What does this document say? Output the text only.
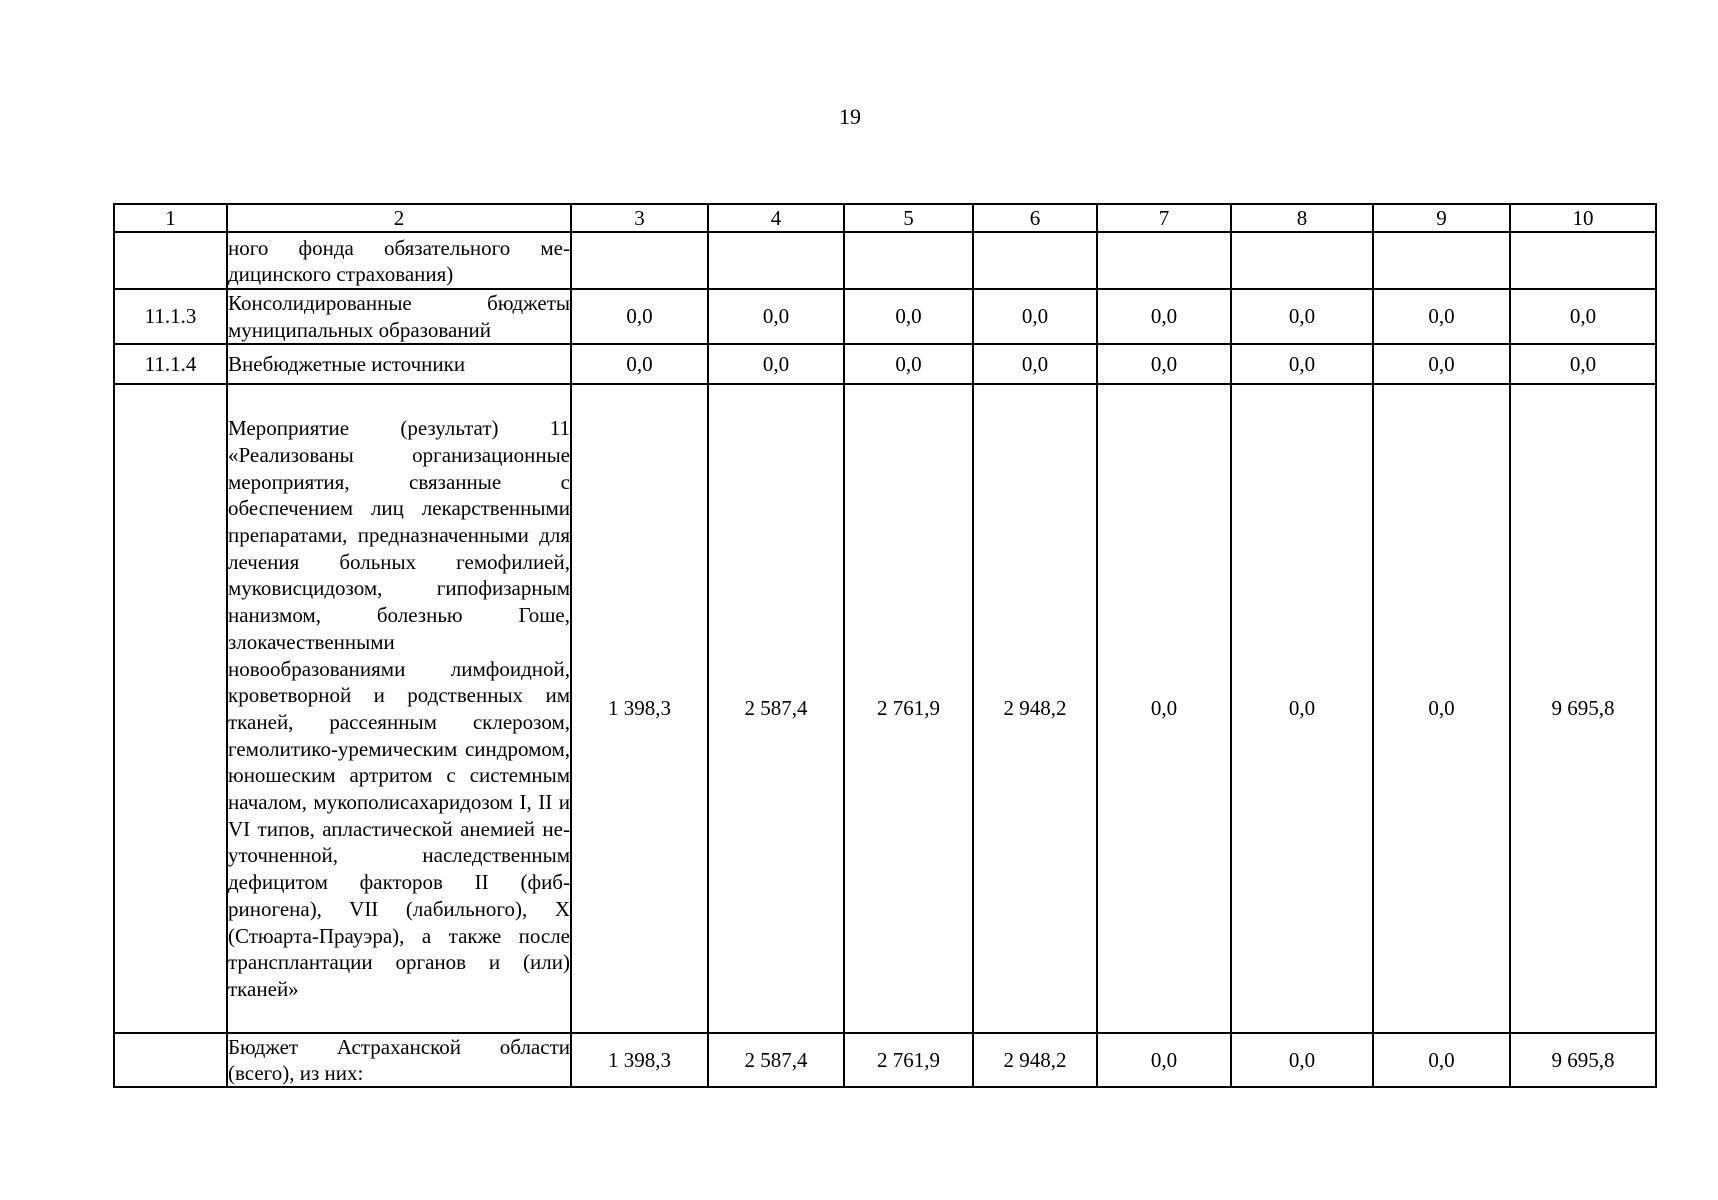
19
1	2	3	4	5	6	7	8	9	10
	ного фонда обязательного медицинского страхования)								
11.1.3	Консолидированные бюджеты муниципальных образований	0,0	0,0	0,0	0,0	0,0	0,0	0,0	0,0
11.1.4	Внебюджетные источники	0,0	0,0	0,0	0,0	0,0	0,0	0,0	0,0
	Мероприятие (результат) 11 «Реализованы организационные мероприятия, связанные с обеспечением лиц лекарственными препаратами, предназначенными для лечения больных гемофилией, муковисцидозом, гипофизарным нанизмом, болезнью Гоше, злокачественными новообразованиями лимфоидной, кроветворной и родственных им тканей, рассеянным склерозом, гемолитико-уремическим синдромом, юношеским артритом с системным началом, мукополисахаридозом I, II и VI типов, апластической анемией неуточненной, наследственным дефицитом факторов II (фибриногена), VII (лабильного), X (Стюарта-Прауэра), а также после трансплантации органов и (или) тканей»	1 398,3	2 587,4	2 761,9	2 948,2	0,0	0,0	0,0	9 695,8
	Бюджет Астраханской области (всего), из них:	1 398,3	2 587,4	2 761,9	2 948,2	0,0	0,0	0,0	9 695,8
